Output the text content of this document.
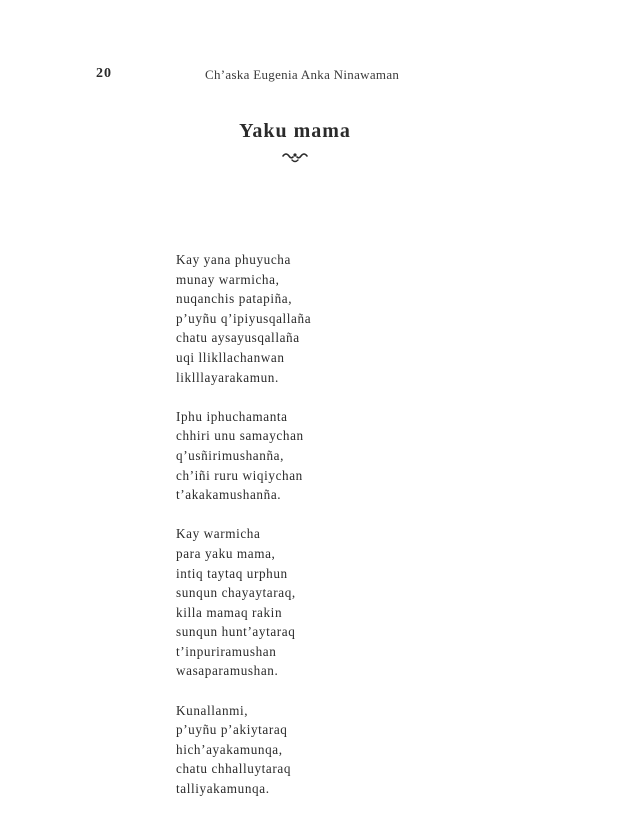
20	Ch’aska Eugenia Anka Ninawaman
Yaku mama
Kay yana phuyucha
munay warmicha,
nuqanchis patapiña,
p’uyñu q’ipiyusqallaña
chatu aysayusqallaña
uqi llikllachanwan
liklllayarakamun.
Iphu iphuchamanta
chhiri unu samaychan
q’usñirimushanña,
ch’iñi ruru wiqiychan
t’akakamushanña.
Kay warmicha
para yaku mama,
intiq taytaq urphun
sunqun chayaytaraq,
killa mamaq rakin
sunqun hunt’aytaraq
t’inpuriramushan
wasaparamushan.
Kunallanmi,
p’uyñu p’akiytaraq
hich’ayakamunqa,
chatu chhalluytaraq
talliyakamunqa.
